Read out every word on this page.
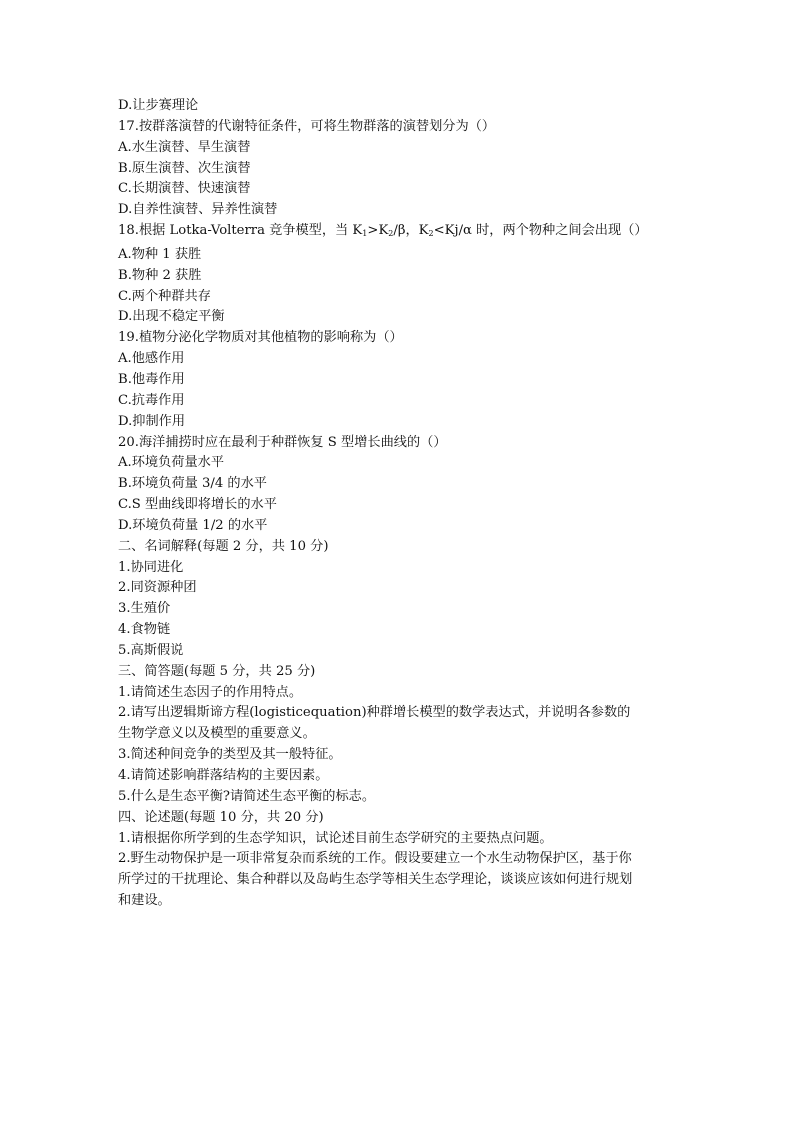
D.让步赛理论

17.按群落演替的代谢特征条件，可将生物群落的演替划分为（）

A.水生演替、旱生演替

B.原生演替、次生演替

C.长期演替、快速演替

D.自养性演替、异养性演替

18.根据 Lotka-Volterra 竞争模型，当 $K_1>K_2/\beta$，$K_2<Kj/\alpha$ 时，两个物种之间会出现（）

A.物种 1 获胜

B.物种 2 获胜

C.两个种群共存

D.出现不稳定平衡

19.植物分泌化学物质对其他植物的影响称为（）

A.他感作用

B.他毒作用

C.抗毒作用

D.抑制作用

20.海洋捕捞时应在最利于种群恢复 S 型增长曲线的（）

A.环境负荷量水平

B.环境负荷量 3/4 的水平

C.S 型曲线即将增长的水平

D.环境负荷量 1/2 的水平

二、名词解释(每题 2 分，共 10 分)

1.协同进化

2.同资源种团

3.生殖价

4.食物链

5.高斯假说

三、简答题(每题 5 分，共 25 分)

1.请简述生态因子的作用特点。

2.请写出逻辑斯谛方程(logisticequation)种群增长模型的数学表达式，并说明各参数的

生物学意义以及模型的重要意义。

3.简述种间竞争的类型及其一般特征。

4.请简述影响群落结构的主要因素。

5.什么是生态平衡?请简述生态平衡的标志。

四、论述题(每题 10 分，共 20 分)

1.请根据你所学到的生态学知识，试论述目前生态学研究的主要热点问题。

2.野生动物保护是一项非常复杂而系统的工作。假设要建立一个水生动物保护区，基于你

所学过的干扰理论、集合种群以及岛屿生态学等相关生态学理论，谈谈应该如何进行规划

和建设。
